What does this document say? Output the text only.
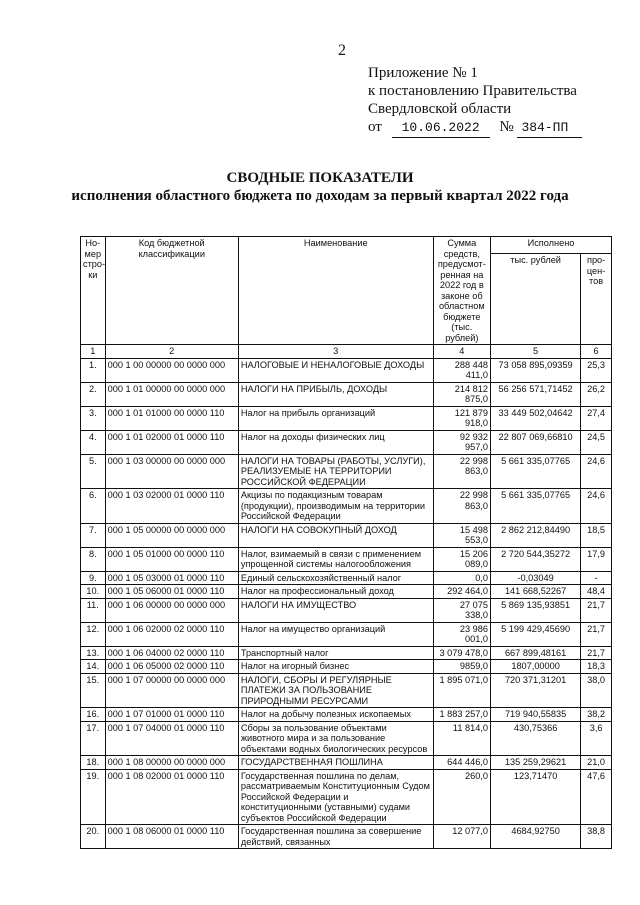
2
Приложение № 1
к постановлению Правительства
Свердловской области
от 10.06.2022 № 384-ПП
СВОДНЫЕ ПОКАЗАТЕЛИ
исполнения областного бюджета по доходам за первый квартал 2022 года
Но-мер стро-ки	Код бюджетной классификации	Наименование	Сумма средств, предусмот-ренная на 2022 год в законе об областном бюджете (тыс. рублей)	Исполнено	
				тыс. рублей	про-цен-тов
1	2	3	4	5	6
1.	000 1 00 00000 00 0000 000	НАЛОГОВЫЕ И НЕНАЛОГОВЫЕ ДОХОДЫ	288 448 411,0	73 058 895,09359	25,3
2.	000 1 01 00000 00 0000 000	НАЛОГИ НА ПРИБЫЛЬ, ДОХОДЫ	214 812 875,0	56 256 571,71452	26,2
3.	000 1 01 01000 00 0000 110	Налог на прибыль организаций	121 879 918,0	33 449 502,04642	27,4
4.	000 1 01 02000 01 0000 110	Налог на доходы физических лиц	92 932 957,0	22 807 069,66810	24,5
5.	000 1 03 00000 00 0000 000	НАЛОГИ НА ТОВАРЫ (РАБОТЫ, УСЛУГИ), РЕАЛИЗУЕМЫЕ НА ТЕРРИТОРИИ РОССИЙСКОЙ ФЕДЕРАЦИИ	22 998 863,0	5 661 335,07765	24,6
6.	000 1 03 02000 01 0000 110	Акцизы по подакцизным товарам (продукции), производимым на территории Российской Федерации	22 998 863,0	5 661 335,07765	24,6
7.	000 1 05 00000 00 0000 000	НАЛОГИ НА СОВОКУПНЫЙ ДОХОД	15 498 553,0	2 862 212,84490	18,5
8.	000 1 05 01000 00 0000 110	Налог, взимаемый в связи с применением упрощенной системы налогообложения	15 206 089,0	2 720 544,35272	17,9
9.	000 1 05 03000 01 0000 110	Единый сельскохозяйственный налог	0,0	-0,03049	-
10.	000 1 05 06000 01 0000 110	Налог на профессиональный доход	292 464,0	141 668,52267	48,4
11.	000 1 06 00000 00 0000 000	НАЛОГИ НА ИМУЩЕСТВО	27 075 338,0	5 869 135,93851	21,7
12.	000 1 06 02000 02 0000 110	Налог на имущество организаций	23 986 001,0	5 199 429,45690	21,7
13.	000 1 06 04000 02 0000 110	Транспортный налог	3 079 478,0	667 899,48161	21,7
14.	000 1 06 05000 02 0000 110	Налог на игорный бизнес	9859,0	1807,00000	18,3
15.	000 1 07 00000 00 0000 000	НАЛОГИ, СБОРЫ И РЕГУЛЯРНЫЕ ПЛАТЕЖИ ЗА ПОЛЬЗОВАНИЕ ПРИРОДНЫМИ РЕСУРСАМИ	1 895 071,0	720 371,31201	38,0
16.	000 1 07 01000 01 0000 110	Налог на добычу полезных ископаемых	1 883 257,0	719 940,55835	38,2
17.	000 1 07 04000 01 0000 110	Сборы за пользование объектами животного мира и за пользование объектами водных биологических ресурсов	11 814,0	430,75366	3,6
18.	000 1 08 00000 00 0000 000	ГОСУДАРСТВЕННАЯ ПОШЛИНА	644 446,0	135 259,29621	21,0
19.	000 1 08 02000 01 0000 110	Государственная пошлина по делам, рассматриваемым Конституционным Судом Российской Федерации и конституционными (уставными) судами субъектов Российской Федерации	260,0	123,71470	47,6
20.	000 1 08 06000 01 0000 110	Государственная пошлина за совершение действий, связанных	12 077,0	4684,92750	38,8
